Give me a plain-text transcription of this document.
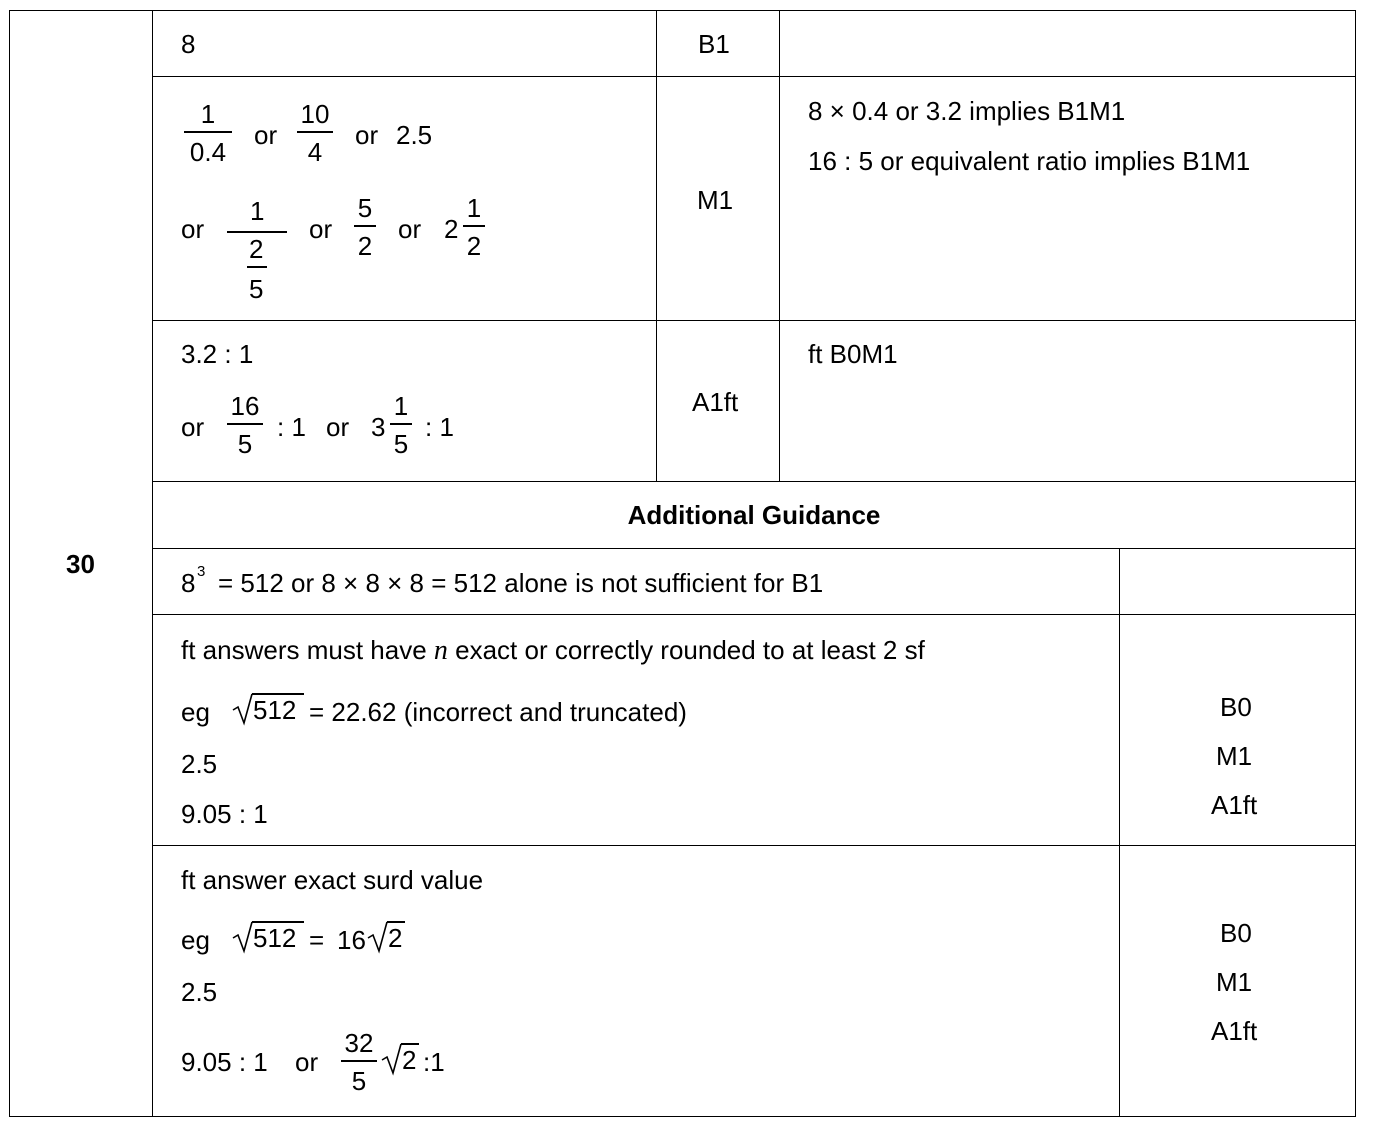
30
8	B1
1
0.4
or
10
4
or 2.5
or
1
2
5
or
5
2
or 2
1
2
M1
8 × 0.4 or 3.2 implies B1M1
16 : 5 or equivalent ratio implies B1M1
3.2 : 1
or
16
5
: 1 or 3
1
5
: 1
A1ft
ft B0M1
Additional Guidance
8 3 = 512 or 8 × 8 × 8 = 512 alone is not sufficient for B1
ft answers must have n exact or correctly rounded to at least 2 sf
eg 512 = 22.62 (incorrect and truncated)
2.5
9.05 : 1
B0
M1
A1ft
ft answer exact surd value
eg 512 = 16 2
2.5
9.05 : 1 or
32
5
2 :1
B0
M1
A1ft
